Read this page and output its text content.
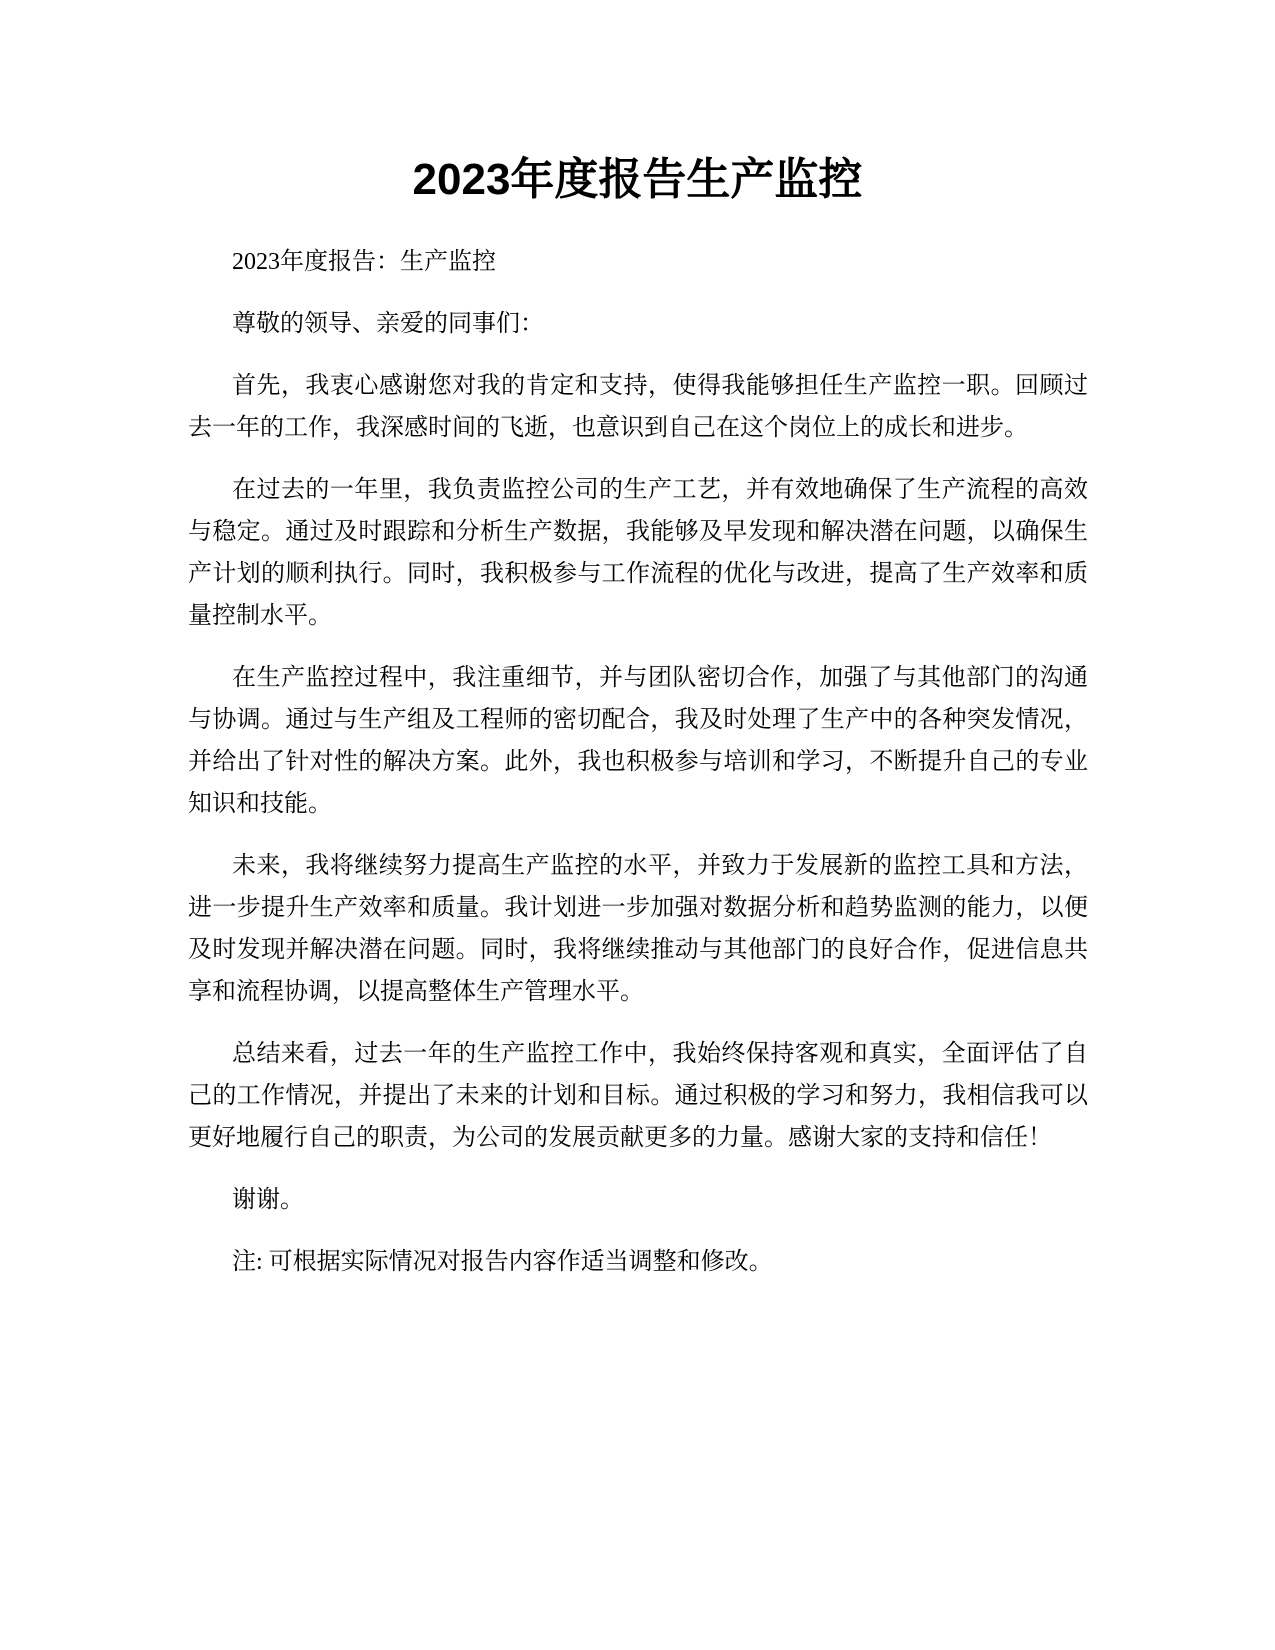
2023年度报告生产监控

2023年度报告：生产监控

尊敬的领导、亲爱的同事们：

首先，我衷心感谢您对我的肯定和支持，使得我能够担任生产监控一职。回顾过去一年的工作，我深感时间的飞逝，也意识到自己在这个岗位上的成长和进步。

在过去的一年里，我负责监控公司的生产工艺，并有效地确保了生产流程的高效与稳定。通过及时跟踪和分析生产数据，我能够及早发现和解决潜在问题，以确保生产计划的顺利执行。同时，我积极参与工作流程的优化与改进，提高了生产效率和质量控制水平。

在生产监控过程中，我注重细节，并与团队密切合作，加强了与其他部门的沟通与协调。通过与生产组及工程师的密切配合，我及时处理了生产中的各种突发情况，并给出了针对性的解决方案。此外，我也积极参与培训和学习，不断提升自己的专业知识和技能。

未来，我将继续努力提高生产监控的水平，并致力于发展新的监控工具和方法，进一步提升生产效率和质量。我计划进一步加强对数据分析和趋势监测的能力，以便及时发现并解决潜在问题。同时，我将继续推动与其他部门的良好合作，促进信息共享和流程协调，以提高整体生产管理水平。

总结来看，过去一年的生产监控工作中，我始终保持客观和真实，全面评估了自己的工作情况，并提出了未来的计划和目标。通过积极的学习和努力，我相信我可以更好地履行自己的职责，为公司的发展贡献更多的力量。感谢大家的支持和信任！

谢谢。

注: 可根据实际情况对报告内容作适当调整和修改。
